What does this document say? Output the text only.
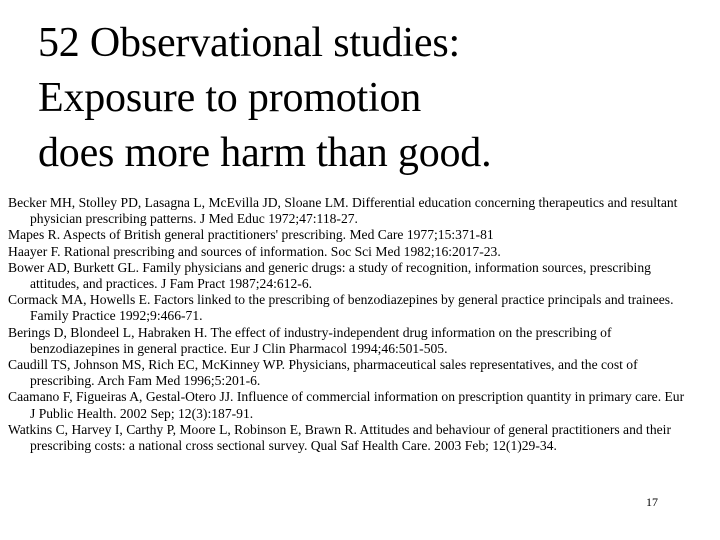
52 Observational studies:
Exposure to promotion
does more harm than good.
Becker MH, Stolley PD, Lasagna L, McEvilla JD, Sloane LM. Differential education concerning therapeutics and resultant physician prescribing patterns. J Med Educ 1972;47:118-27.
Mapes R. Aspects of British general practitioners' prescribing. Med Care 1977;15:371-81
Haayer F. Rational prescribing and sources of information. Soc Sci Med 1982;16:2017-23.
Bower AD, Burkett GL. Family physicians and generic drugs: a study of recognition, information sources, prescribing attitudes, and practices. J Fam Pract 1987;24:612-6.
Cormack MA, Howells E. Factors linked to the prescribing of benzodiazepines by general practice principals and trainees. Family Practice 1992;9:466-71.
Berings D, Blondeel L, Habraken H. The effect of industry-independent drug information on the prescribing of benzodiazepines in general practice. Eur J Clin Pharmacol 1994;46:501-505.
Caudill TS, Johnson MS, Rich EC, McKinney WP. Physicians, pharmaceutical sales representatives, and the cost of prescribing. Arch Fam Med 1996;5:201-6.
Caamano F, Figueiras A, Gestal-Otero JJ. Influence of commercial information on prescription quantity in primary care. Eur J Public Health. 2002 Sep; 12(3):187-91.
Watkins C, Harvey I, Carthy P, Moore L, Robinson E, Brawn R. Attitudes and behaviour of general practitioners and their prescribing costs: a national cross sectional survey. Qual Saf Health Care. 2003 Feb; 12(1)29-34.
17
